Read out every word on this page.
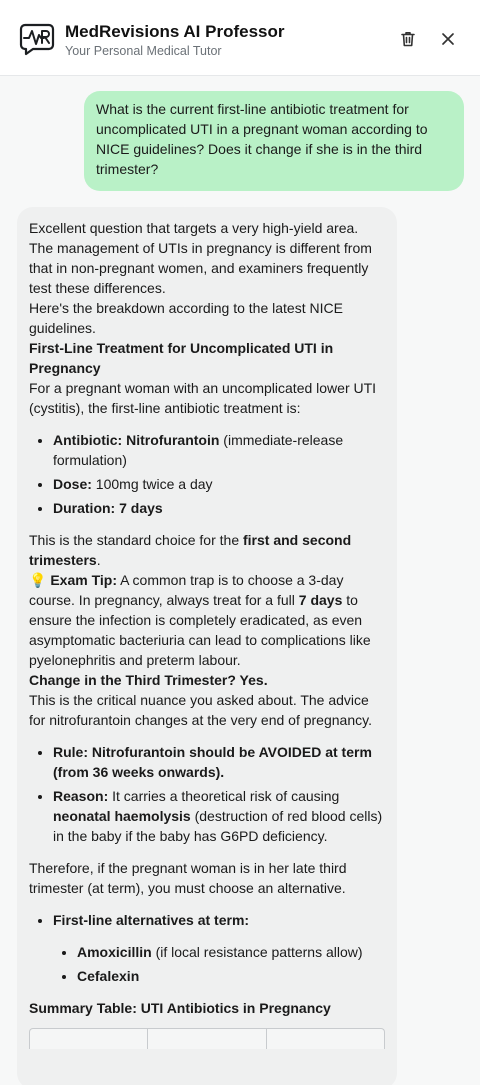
MedRevisions AI Professor
Your Personal Medical Tutor
What is the current first-line antibiotic treatment for uncomplicated UTI in a pregnant woman according to NICE guidelines? Does it change if she is in the third trimester?

Excellent question that targets a very high-yield area. The management of UTIs in pregnancy is different from that in non-pregnant women, and examiners frequently test these differences.

Here's the breakdown according to the latest NICE guidelines.

First-Line Treatment for Uncomplicated UTI in Pregnancy

For a pregnant woman with an uncomplicated lower UTI (cystitis), the first-line antibiotic treatment is:

• Antibiotic: Nitrofurantoin (immediate-release formulation)
• Dose: 100mg twice a day
• Duration: 7 days

This is the standard choice for the first and second trimesters.

💡 Exam Tip: A common trap is to choose a 3-day course. In pregnancy, always treat for a full 7 days to ensure the infection is completely eradicated, as even asymptomatic bacteriuria can lead to complications like pyelonephritis and preterm labour.

Change in the Third Trimester? Yes.

This is the critical nuance you asked about. The advice for nitrofurantoin changes at the very end of pregnancy.

• Rule: Nitrofurantoin should be AVOIDED at term (from 36 weeks onwards).
• Reason: It carries a theoretical risk of causing neonatal haemolysis (destruction of red blood cells) in the baby if the baby has G6PD deficiency.

Therefore, if the pregnant woman is in her late third trimester (at term), you must choose an alternative.

• First-line alternatives at term:
• Amoxicillin (if local resistance patterns allow)
• Cefalexin

Summary Table: UTI Antibiotics in Pregnancy
